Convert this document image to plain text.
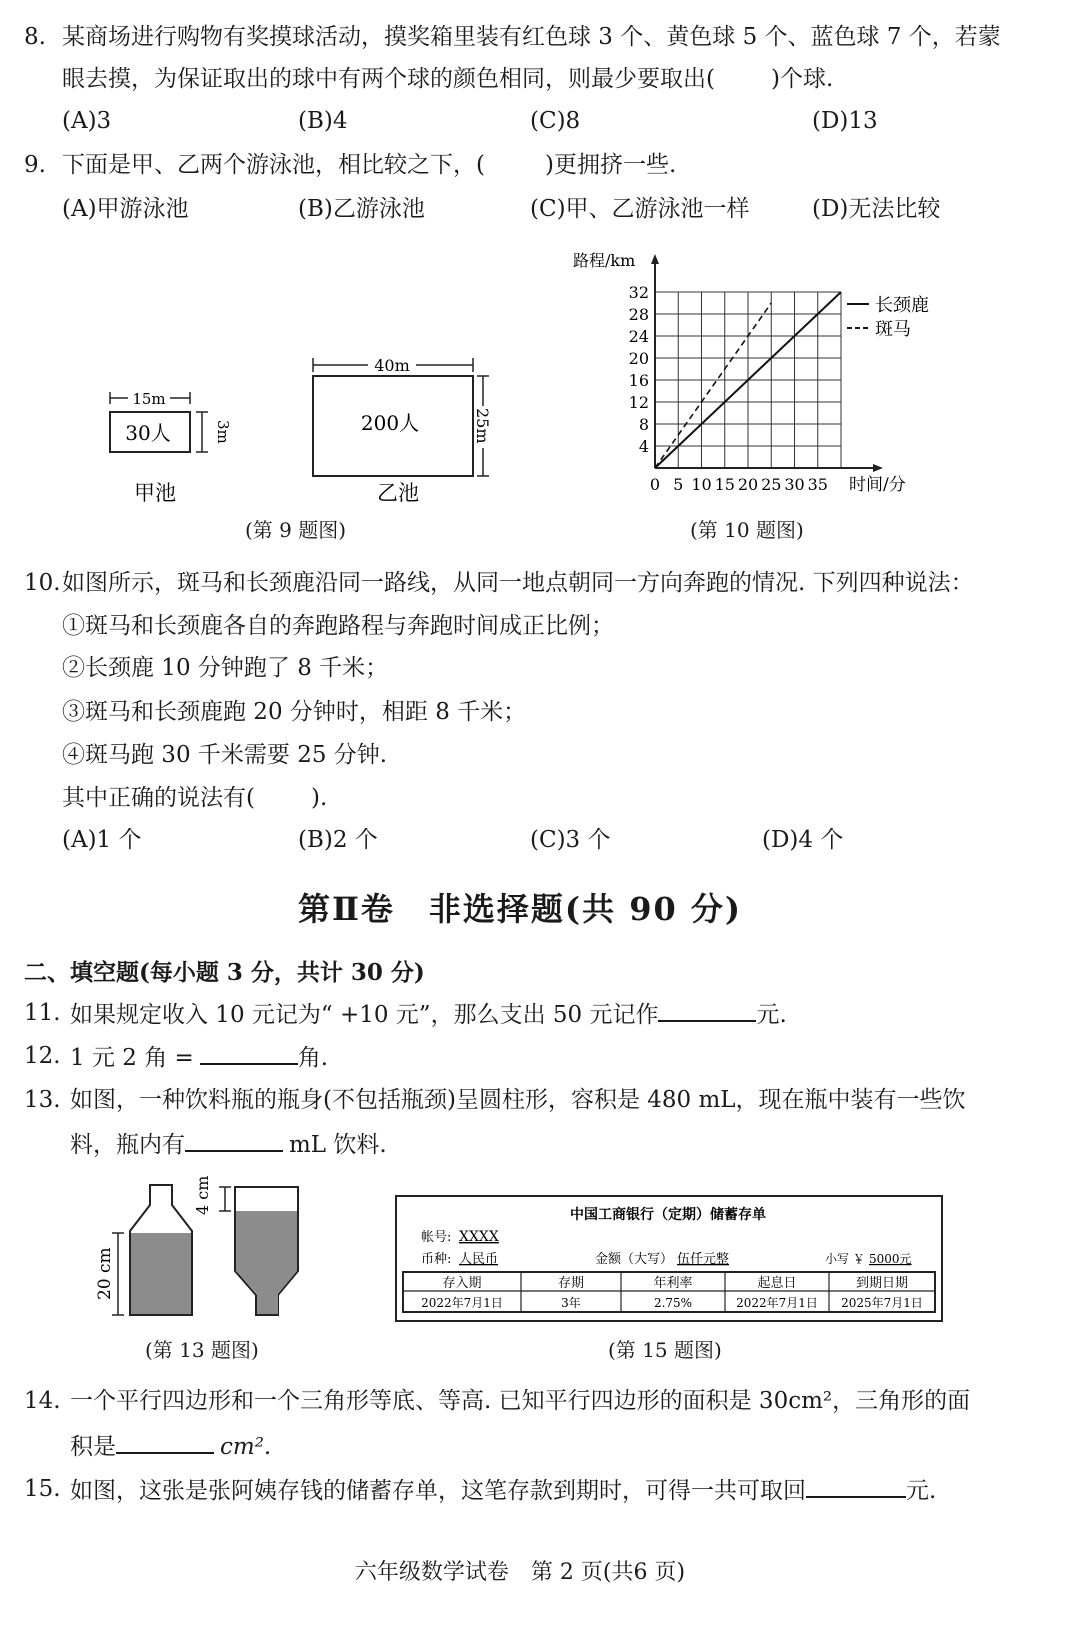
8. 某商场进行购物有奖摸球活动，摸奖箱里装有红色球 3 个、黄色球 5 个、蓝色球 7 个，若蒙
眼去摸，为保证取出的球中有两个球的颜色相同，则最少要取出( )个球.
(A)3	(B)4	(C)8	(D)13
9. 下面是甲、乙两个游泳池，相比较之下，(	)更拥挤一些.
(A)甲游泳池	(B)乙游泳池	(C)甲、乙游泳池一样	(D)无法比较
15m
30人	3m
甲池
40m
200人	25m
乙池
(第 9 题图)
0 5 10 15 20 25 30 35
4
8
12
16
20
24
28
32
时间/分
路程/km
长颈鹿
斑马
(第 10 题图)
10. 如图所示，斑马和长颈鹿沿同一路线，从同一地点朝同一方向奔跑的情况. 下列四种说法：
①斑马和长颈鹿各自的奔跑路程与奔跑时间成正比例；
②长颈鹿 10 分钟跑了 8 千米；
③斑马和长颈鹿跑 20 分钟时，相距 8 千米；
④斑马跑 30 千米需要 25 分钟.
其中正确的说法有( ).
(A)1 个	(B)2 个	(C)3 个	(D)4 个
第Ⅱ卷　非选择题(共 90 分)
二、填空题(每小题 3 分，共计 30 分)
11. 如果规定收入 10 元记为“ +10 元”，那么支出 50 元记作	元.
12. 1 元 2 角 =	角.
13. 如图，一种饮料瓶的瓶身(不包括瓶颈)呈圆柱形，容积是 480 mL，现在瓶中装有一些饮
料，瓶内有	mL 饮料.
20 cm
4 cm
(第 13 题图)
中国工商银行（定期）储蓄存单
帐号: XXXX
币种: 人民币	金额（大写） 伍仟元整	小写 ￥ 5000元
存入期	存期	年利率	起息日	到期日期
2022年7月1日	3年	2.75%	2022年7月1日 2025年7月1日
(第 15 题图)
14. 一个平行四边形和一个三角形等底、等高. 已知平行四边形的面积是 30cm²，三角形的面
积是	cm².
15. 如图，这张是张阿姨存钱的储蓄存单，这笔存款到期时，可得一共可取回	元.
六年级数学试卷　第 2 页(共6 页)
